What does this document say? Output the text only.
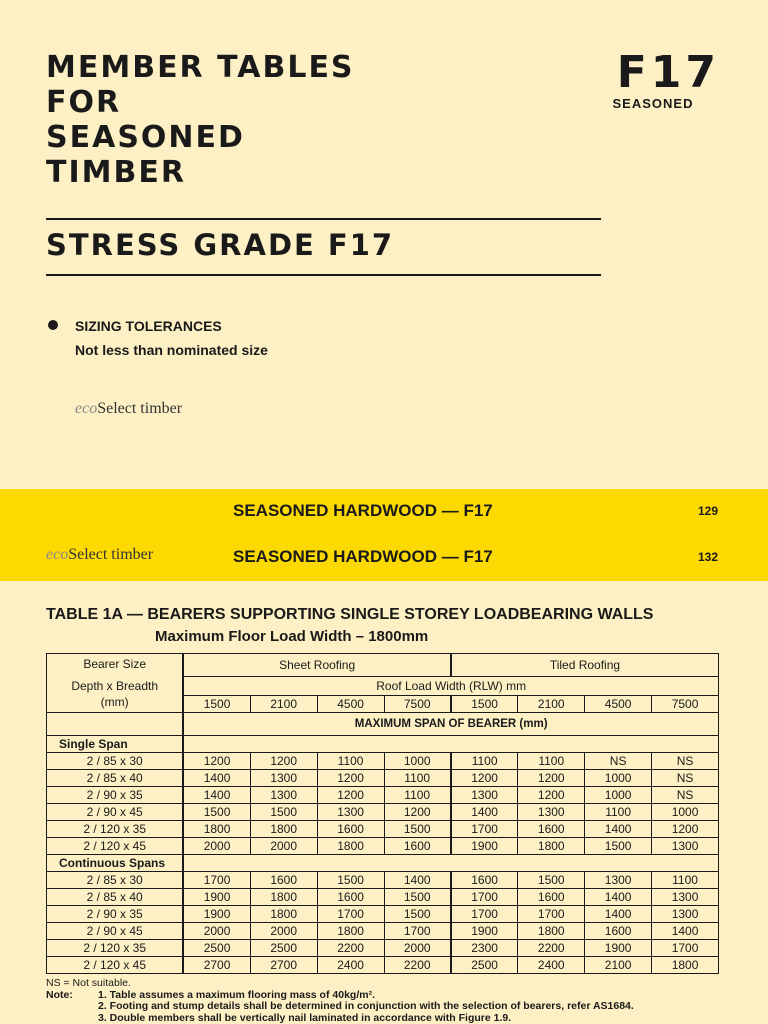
MEMBER TABLES
FOR
SEASONED
TIMBER
F17
SEASONED
STRESS GRADE F17
SIZING TOLERANCES
Not less than nominated size
ecoSelect timber
SEASONED HARDWOOD — F17	129
ecoSelect timber	SEASONED HARDWOOD — F17	132
TABLE 1A — BEARERS SUPPORTING SINGLE STOREY LOADBEARING WALLS
Maximum Floor Load Width – 1800mm
Bearer Size
Depth x Breadth (mm)	Sheet Roofing				Tiled Roofing			
	Roof Load Width (RLW) mm							
	1500	2100	4500	7500	1500	2100	4500	7500
	MAXIMUM SPAN OF BEARER (mm)							
Single Span								
2 / 85 x 30	1200	1200	1100	1000	1100	1100	NS	NS
2 / 85 x 40	1400	1300	1200	1100	1200	1200	1000	NS
2 / 90 x 35	1400	1300	1200	1100	1300	1200	1000	NS
2 / 90 x 45	1500	1500	1300	1200	1400	1300	1100	1000
2 / 120 x 35	1800	1800	1600	1500	1700	1600	1400	1200
2 / 120 x 45	2000	2000	1800	1600	1900	1800	1500	1300
Continuous Spans								
2 / 85 x 30	1700	1600	1500	1400	1600	1500	1300	1100
2 / 85 x 40	1900	1800	1600	1500	1700	1600	1400	1300
2 / 90 x 35	1900	1800	1700	1500	1700	1700	1400	1300
2 / 90 x 45	2000	2000	1800	1700	1900	1800	1600	1400
2 / 120 x 35	2500	2500	2200	2000	2300	2200	1900	1700
2 / 120 x 45	2700	2700	2400	2200	2500	2400	2100	1800
NS = Not suitable.
Note:	1. Table assumes a maximum flooring mass of 40kg/m².
2. Footing and stump details shall be determined in conjunction with the selection of bearers, refer AS1684.
3. Double members shall be vertically nail laminated in accordance with Figure 1.9.
